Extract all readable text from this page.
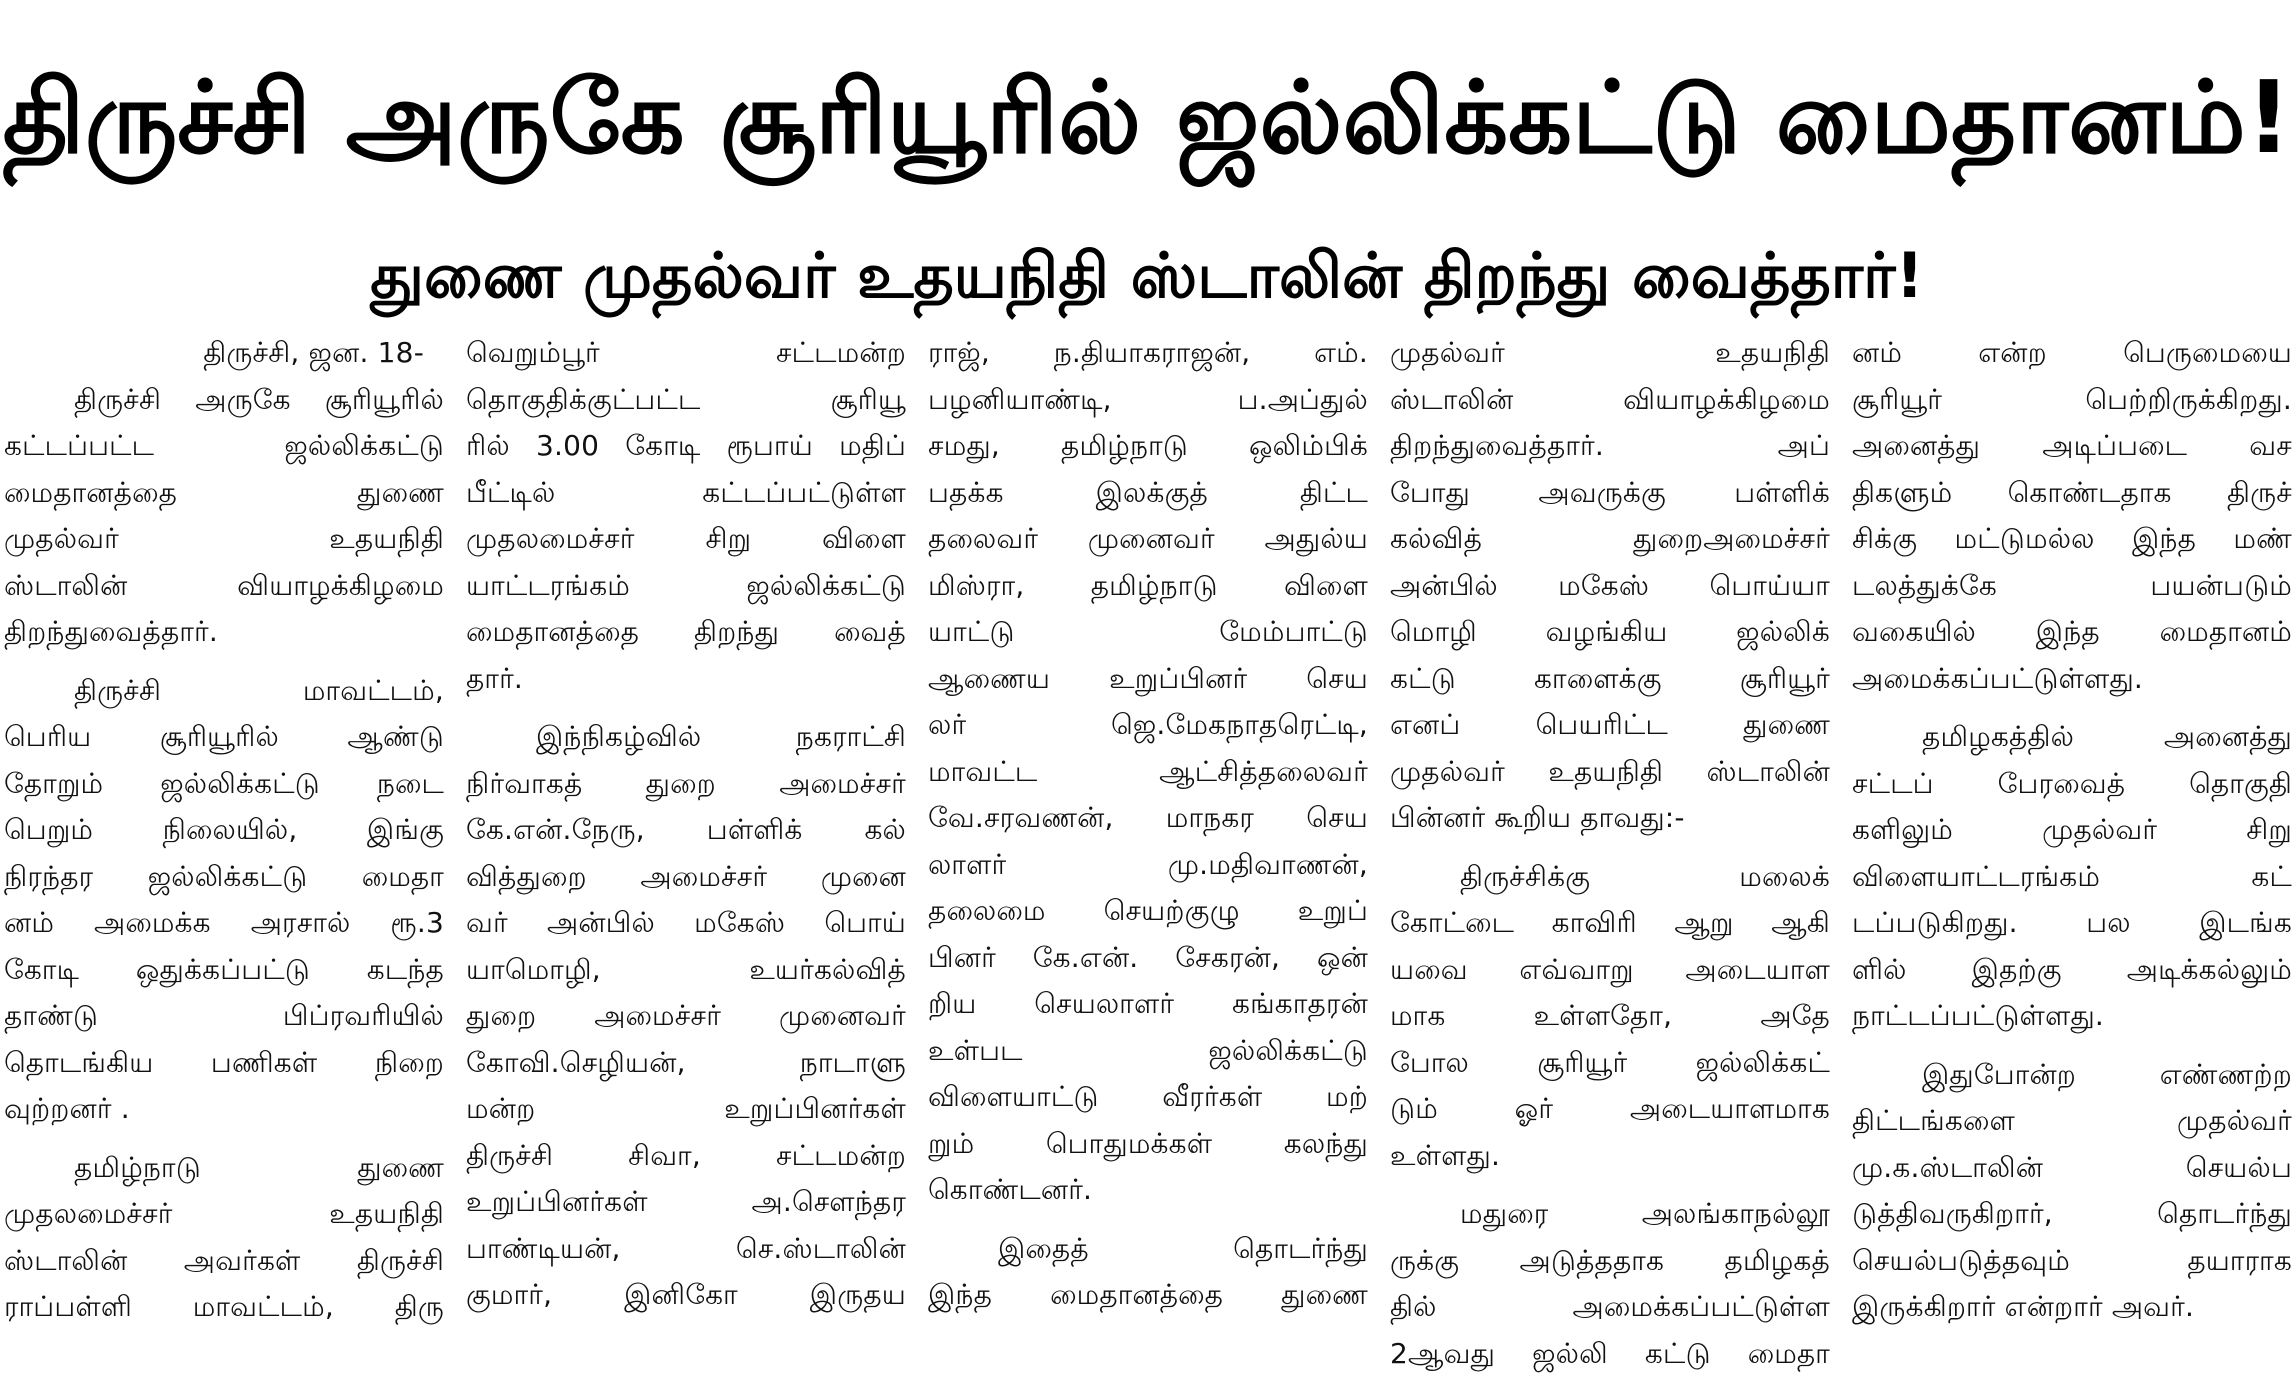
திருச்சி அருகே சூரியூரில் ஜல்லிக்கட்டு மைதானம்!
துணை முதல்வர் உதயநிதி ஸ்டாலின் திறந்து வைத்தார்!

திருச்சி, ஜன. 18-

திருச்சி அருகே சூரியூரில்

கட்டப்பட்ட ஜல்லிக்கட்டு

மைதானத்தை துணை

முதல்வர் உதயநிதி

ஸ்டாலின் வியாழக்கிழமை

திறந்துவைத்தார்.

திருச்சி மாவட்டம்,

பெரிய சூரியூரில் ஆண்டு

தோறும் ஜல்லிக்கட்டு நடை

பெறும் நிலையில், இங்கு

நிரந்தர ஜல்லிக்கட்டு மைதா

னம் அமைக்க அரசால் ரூ.3

கோடி ஒதுக்கப்பட்டு கடந்த

தாண்டு பிப்ரவரியில்

தொடங்கிய பணிகள் நிறை

வுற்றனர் .

தமிழ்நாடு துணை

முதலமைச்சர் உதயநிதி

ஸ்டாலின் அவர்கள் திருச்சி

ராப்பள்ளி மாவட்டம், திரு

வெறும்பூர் சட்டமன்ற

தொகுதிக்குட்பட்ட சூரியூ

ரில் 3.00 கோடி ரூபாய் மதிப்

பீட்டில் கட்டப்பட்டுள்ள

முதலமைச்சர் சிறு விளை

யாட்டரங்கம் ஜல்லிக்கட்டு

மைதானத்தை திறந்து வைத்

தார்.

இந்நிகழ்வில் நகராட்சி

நிர்வாகத் துறை அமைச்சர்

கே.என்.நேரு, பள்ளிக் கல்

வித்துறை அமைச்சர் முனை

வர் அன்பில் மகேஸ் பொய்

யாமொழி, உயர்கல்வித்

துறை அமைச்சர் முனைவர்

கோவி.செழியன், நாடாளு

மன்ற உறுப்பினர்கள்

திருச்சி சிவா, சட்டமன்ற

உறுப்பினர்கள் அ.சௌந்தர

பாண்டியன், செ.ஸ்டாலின்

குமார், இனிகோ இருதய

ராஜ், ந.தியாகராஜன், எம்.

பழனியாண்டி, ப.அப்துல்

சமது, தமிழ்நாடு ஒலிம்பிக்

பதக்க இலக்குத் திட்ட

தலைவர் முனைவர் அதுல்ய

மிஸ்ரா, தமிழ்நாடு விளை

யாட்டு மேம்பாட்டு

ஆணைய உறுப்பினர் செய

லர் ஜெ.மேகநாதரெட்டி,

மாவட்ட ஆட்சித்தலைவர்

வே.சரவணன், மாநகர செய

லாளர் மு.மதிவாணன்,

தலைமை செயற்குழு உறுப்

பினர் கே.என். சேகரன், ஒன்

றிய செயலாளர் கங்காதரன்

உள்பட ஜல்லிக்கட்டு

விளையாட்டு வீரர்கள் மற்

றும் பொதுமக்கள் கலந்து

கொண்டனர்.

இதைத் தொடர்ந்து

இந்த மைதானத்தை துணை

முதல்வர் உதயநிதி

ஸ்டாலின் வியாழக்கிழமை

திறந்துவைத்தார். அப்

போது அவருக்கு பள்ளிக்

கல்வித் துறைஅமைச்சர்

அன்பில் மகேஸ் பொய்யா

மொழி வழங்கிய ஜல்லிக்

கட்டு காளைக்கு சூரியூர்

எனப் பெயரிட்ட துணை

முதல்வர் உதயநிதி ஸ்டாலின்

பின்னர் கூறிய தாவது:-

திருச்சிக்கு மலைக்

கோட்டை காவிரி ஆறு ஆகி

யவை எவ்வாறு அடையாள

மாக உள்ளதோ, அதே

போல சூரியூர் ஜல்லிக்கட்

டும் ஓர் அடையாளமாக

உள்ளது.

மதுரை அலங்காநல்லூ

ருக்கு அடுத்ததாக தமிழகத்

தில் அமைக்கப்பட்டுள்ள

2ஆவது ஜல்லி கட்டு மைதா

னம் என்ற பெருமையை

சூரியூர் பெற்றிருக்கிறது.

அனைத்து அடிப்படை வச

திகளும் கொண்டதாக திருச்

சிக்கு மட்டுமல்ல இந்த மண்

டலத்துக்கே பயன்படும்

வகையில் இந்த மைதானம்

அமைக்கப்பட்டுள்ளது.

தமிழகத்தில் அனைத்து

சட்டப் பேரவைத் தொகுதி

களிலும் முதல்வர் சிறு

விளையாட்டரங்கம் கட்

டப்படுகிறது. பல இடங்க

ளில் இதற்கு அடிக்கல்லும்

நாட்டப்பட்டுள்ளது.

இதுபோன்ற எண்ணற்ற

திட்டங்களை முதல்வர்

மு.க.ஸ்டாலின் செயல்ப

டுத்திவருகிறார், தொடர்ந்து

செயல்படுத்தவும் தயாராக

இருக்கிறார் என்றார் அவர்.
